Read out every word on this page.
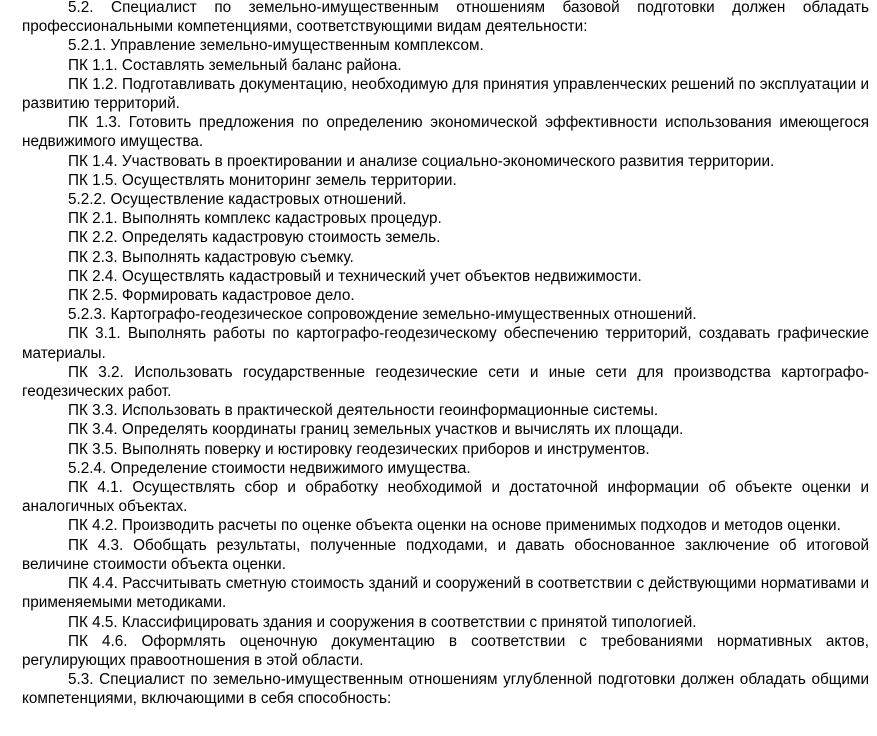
5.2. Специалист по земельно-имущественным отношениям базовой подготовки должен обладать профессиональными компетенциями, соответствующими видам деятельности:

5.2.1. Управление земельно-имущественным комплексом.

ПК 1.1. Составлять земельный баланс района.

ПК 1.2. Подготавливать документацию, необходимую для принятия управленческих решений по эксплуатации и развитию территорий.

ПК 1.3. Готовить предложения по определению экономической эффективности использования имеющегося недвижимого имущества.

ПК 1.4. Участвовать в проектировании и анализе социально-экономического развития территории.

ПК 1.5. Осуществлять мониторинг земель территории.

5.2.2. Осуществление кадастровых отношений.

ПК 2.1. Выполнять комплекс кадастровых процедур.

ПК 2.2. Определять кадастровую стоимость земель.

ПК 2.3. Выполнять кадастровую съемку.

ПК 2.4. Осуществлять кадастровый и технический учет объектов недвижимости.

ПК 2.5. Формировать кадастровое дело.

5.2.3. Картографо-геодезическое сопровождение земельно-имущественных отношений.

ПК 3.1. Выполнять работы по картографо-геодезическому обеспечению территорий, создавать графические материалы.

ПК 3.2. Использовать государственные геодезические сети и иные сети для производства картографо-геодезических работ.

ПК 3.3. Использовать в практической деятельности геоинформационные системы.

ПК 3.4. Определять координаты границ земельных участков и вычислять их площади.

ПК 3.5. Выполнять поверку и юстировку геодезических приборов и инструментов.

5.2.4. Определение стоимости недвижимого имущества.

ПК 4.1. Осуществлять сбор и обработку необходимой и достаточной информации об объекте оценки и аналогичных объектах.

ПК 4.2. Производить расчеты по оценке объекта оценки на основе применимых подходов и методов оценки.

ПК 4.3. Обобщать результаты, полученные подходами, и давать обоснованное заключение об итоговой величине стоимости объекта оценки.

ПК 4.4. Рассчитывать сметную стоимость зданий и сооружений в соответствии с действующими нормативами и применяемыми методиками.

ПК 4.5. Классифицировать здания и сооружения в соответствии с принятой типологией.

ПК 4.6. Оформлять оценочную документацию в соответствии с требованиями нормативных актов, регулирующих правоотношения в этой области.

5.3. Специалист по земельно-имущественным отношениям углубленной подготовки должен обладать общими компетенциями, включающими в себя способность:
